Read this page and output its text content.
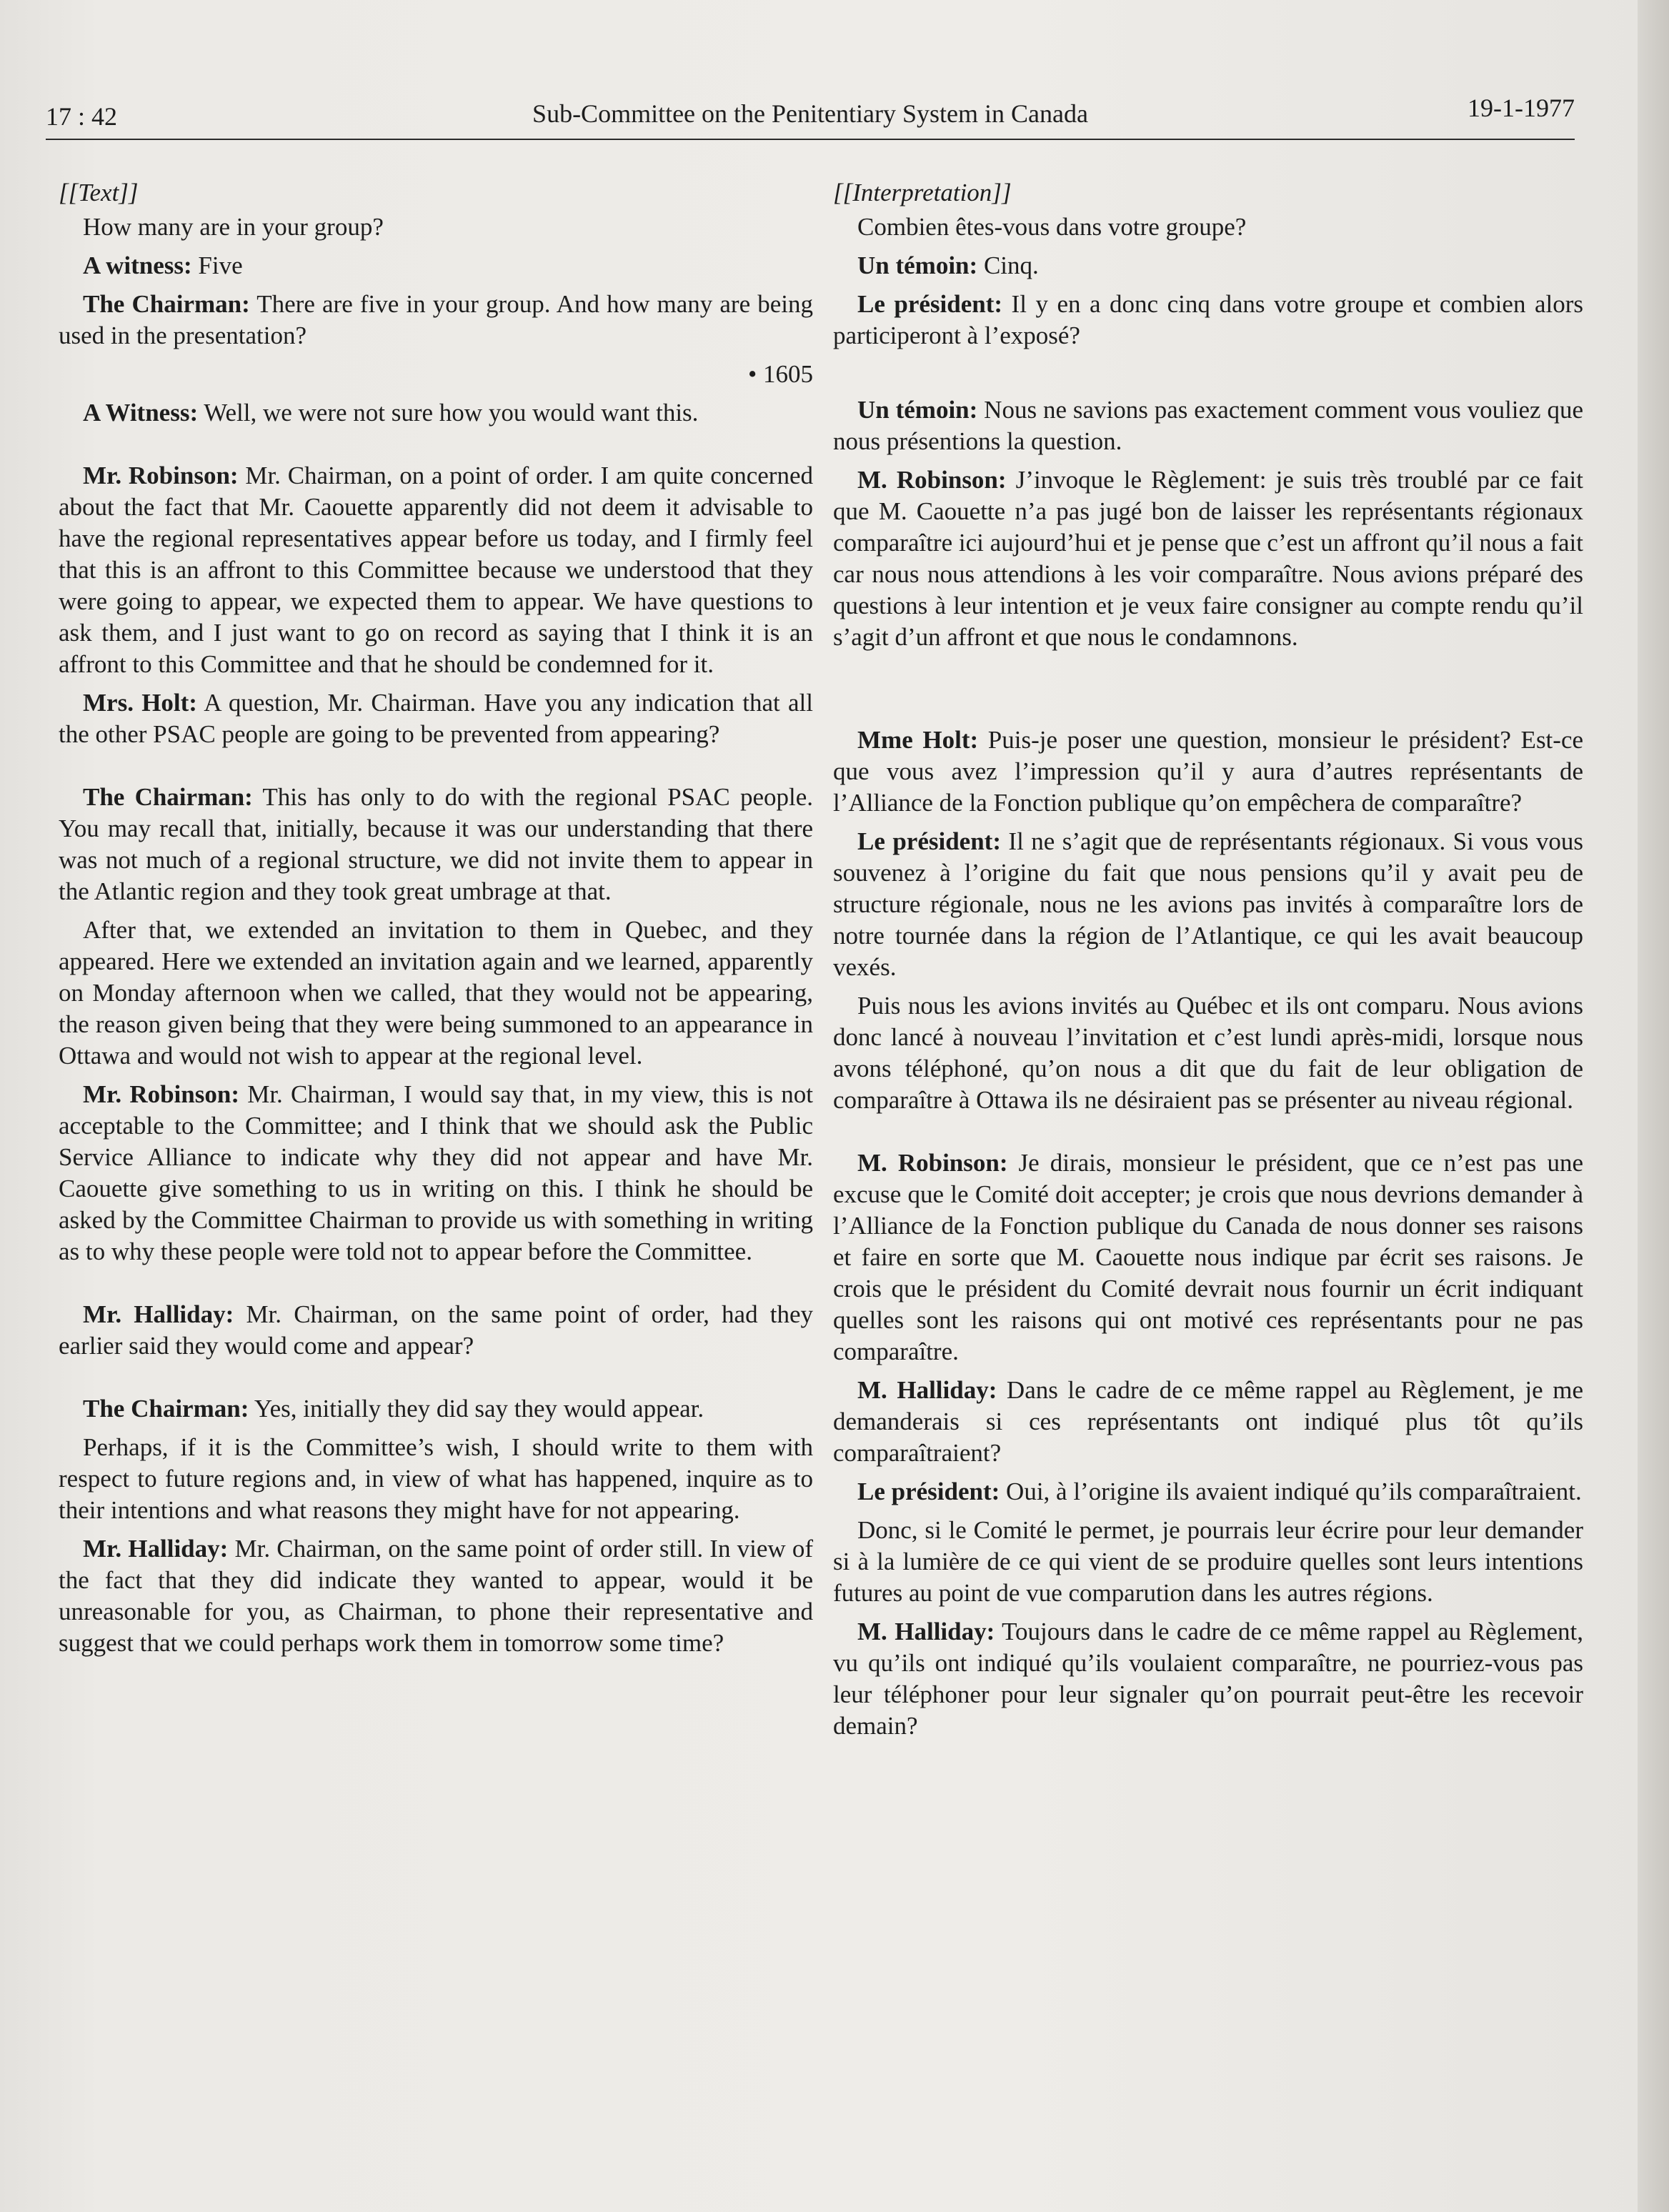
17 : 42	Sub-Committee on the Penitentiary System in Canada	19-1-1977

[[Text]]

How many are in your group?

A witness: Five

The Chairman: There are five in your group. And how many are being used in the presentation?

• 1605

A Witness: Well, we were not sure how you would want this.

Mr. Robinson: Mr. Chairman, on a point of order. I am quite concerned about the fact that Mr. Caouette apparently did not deem it advisable to have the regional representatives appear before us today, and I firmly feel that this is an affront to this Committee because we understood that they were going to appear, we expected them to appear. We have questions to ask them, and I just want to go on record as saying that I think it is an affront to this Committee and that he should be condemned for it.

Mrs. Holt: A question, Mr. Chairman. Have you any indication that all the other PSAC people are going to be prevented from appearing?

The Chairman: This has only to do with the regional PSAC people. You may recall that, initially, because it was our understanding that there was not much of a regional structure, we did not invite them to appear in the Atlantic region and they took great umbrage at that.

After that, we extended an invitation to them in Quebec, and they appeared. Here we extended an invitation again and we learned, apparently on Monday afternoon when we called, that they would not be appearing, the reason given being that they were being summoned to an appearance in Ottawa and would not wish to appear at the regional level.

Mr. Robinson: Mr. Chairman, I would say that, in my view, this is not acceptable to the Committee; and I think that we should ask the Public Service Alliance to indicate why they did not appear and have Mr. Caouette give something to us in writing on this. I think he should be asked by the Committee Chairman to provide us with something in writing as to why these people were told not to appear before the Committee.

Mr. Halliday: Mr. Chairman, on the same point of order, had they earlier said they would come and appear?

The Chairman: Yes, initially they did say they would appear.

Perhaps, if it is the Committee’s wish, I should write to them with respect to future regions and, in view of what has happened, inquire as to their intentions and what reasons they might have for not appearing.

Mr. Halliday: Mr. Chairman, on the same point of order still. In view of the fact that they did indicate they wanted to appear, would it be unreasonable for you, as Chairman, to phone their representative and suggest that we could perhaps work them in tomorrow some time?

[[Interpretation]]

Combien êtes-vous dans votre groupe?

Un témoin: Cinq.

Le président: Il y en a donc cinq dans votre groupe et combien alors participeront à l’exposé?

Un témoin: Nous ne savions pas exactement comment vous vouliez que nous présentions la question.

M. Robinson: J’invoque le Règlement: je suis très troublé par ce fait que M. Caouette n’a pas jugé bon de laisser les représentants régionaux comparaître ici aujourd’hui et je pense que c’est un affront qu’il nous a fait car nous nous attendions à les voir comparaître. Nous avions préparé des questions à leur intention et je veux faire consigner au compte rendu qu’il s’agit d’un affront et que nous le condamnons.

Mme Holt: Puis-je poser une question, monsieur le président? Est-ce que vous avez l’impression qu’il y aura d’autres représentants de l’Alliance de la Fonction publique qu’on empêchera de comparaître?

Le président: Il ne s’agit que de représentants régionaux. Si vous vous souvenez à l’origine du fait que nous pensions qu’il y avait peu de structure régionale, nous ne les avions pas invités à comparaître lors de notre tournée dans la région de l’Atlantique, ce qui les avait beaucoup vexés.

Puis nous les avions invités au Québec et ils ont comparu. Nous avions donc lancé à nouveau l’invitation et c’est lundi après-midi, lorsque nous avons téléphoné, qu’on nous a dit que du fait de leur obligation de comparaître à Ottawa ils ne désiraient pas se présenter au niveau régional.

M. Robinson: Je dirais, monsieur le président, que ce n’est pas une excuse que le Comité doit accepter; je crois que nous devrions demander à l’Alliance de la Fonction publique du Canada de nous donner ses raisons et faire en sorte que M. Caouette nous indique par écrit ses raisons. Je crois que le président du Comité devrait nous fournir un écrit indiquant quelles sont les raisons qui ont motivé ces représentants pour ne pas comparaître.

M. Halliday: Dans le cadre de ce même rappel au Règlement, je me demanderais si ces représentants ont indiqué plus tôt qu’ils comparaîtraient?

Le président: Oui, à l’origine ils avaient indiqué qu’ils comparaîtraient.

Donc, si le Comité le permet, je pourrais leur écrire pour leur demander si à la lumière de ce qui vient de se produire quelles sont leurs intentions futures au point de vue comparution dans les autres régions.

M. Halliday: Toujours dans le cadre de ce même rappel au Règlement, vu qu’ils ont indiqué qu’ils voulaient comparaître, ne pourriez-vous pas leur téléphoner pour leur signaler qu’on pourrait peut-être les recevoir demain?
